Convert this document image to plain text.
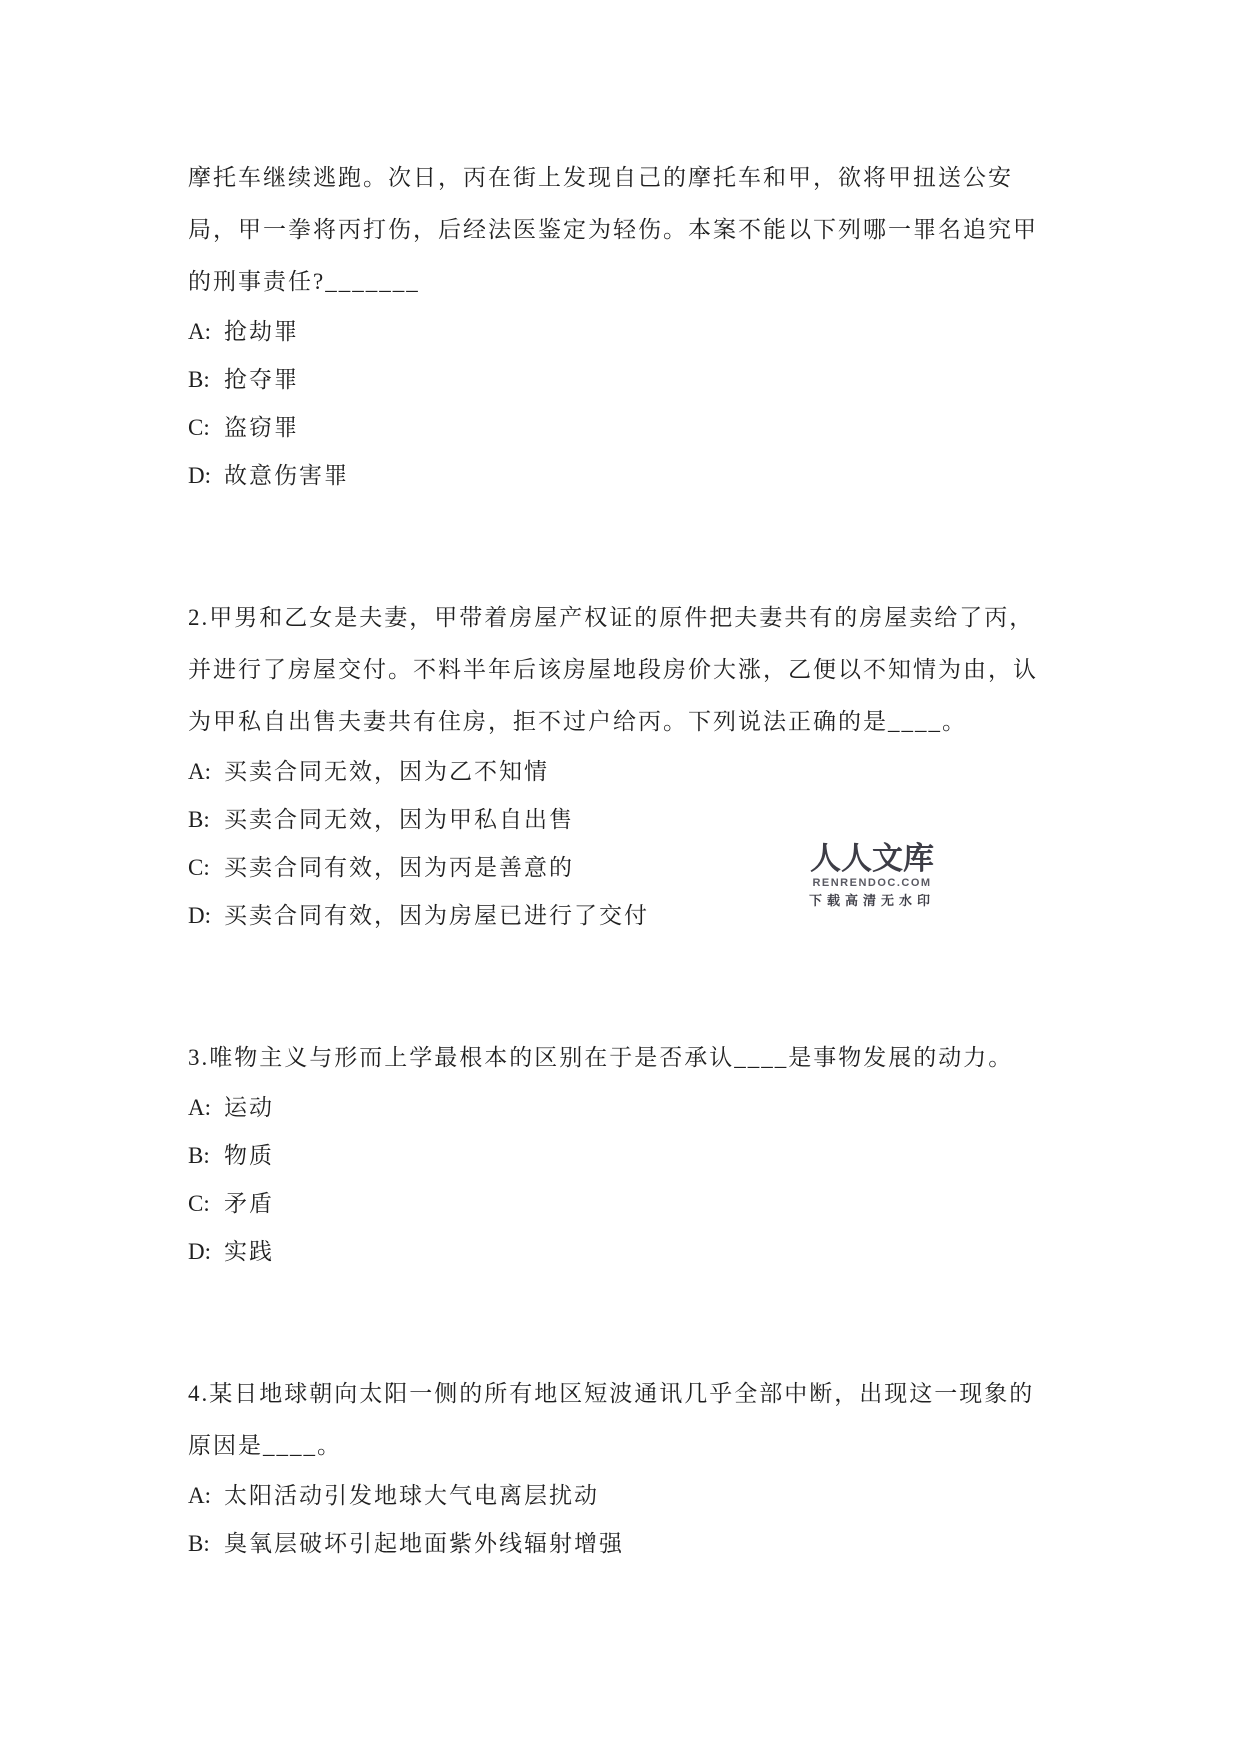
摩托车继续逃跑。次日，丙在街上发现自己的摩托车和甲，欲将甲扭送公安
局，甲一拳将丙打伤，后经法医鉴定为轻伤。本案不能以下列哪一罪名追究甲
的刑事责任?_______
A: 抢劫罪
B: 抢夺罪
C: 盗窃罪
D: 故意伤害罪
2.甲男和乙女是夫妻，甲带着房屋产权证的原件把夫妻共有的房屋卖给了丙，
并进行了房屋交付。不料半年后该房屋地段房价大涨，乙便以不知情为由，认
为甲私自出售夫妻共有住房，拒不过户给丙。下列说法正确的是____。
A: 买卖合同无效，因为乙不知情
B: 买卖合同无效，因为甲私自出售
C: 买卖合同有效，因为丙是善意的
D: 买卖合同有效，因为房屋已进行了交付
3.唯物主义与形而上学最根本的区别在于是否承认____是事物发展的动力。
A: 运动
B: 物质
C: 矛盾
D: 实践
4.某日地球朝向太阳一侧的所有地区短波通讯几乎全部中断，出现这一现象的
原因是____。
A: 太阳活动引发地球大气电离层扰动
B: 臭氧层破坏引起地面紫外线辐射增强
人人文库
RENRENDOC.COM
下载高清无水印
